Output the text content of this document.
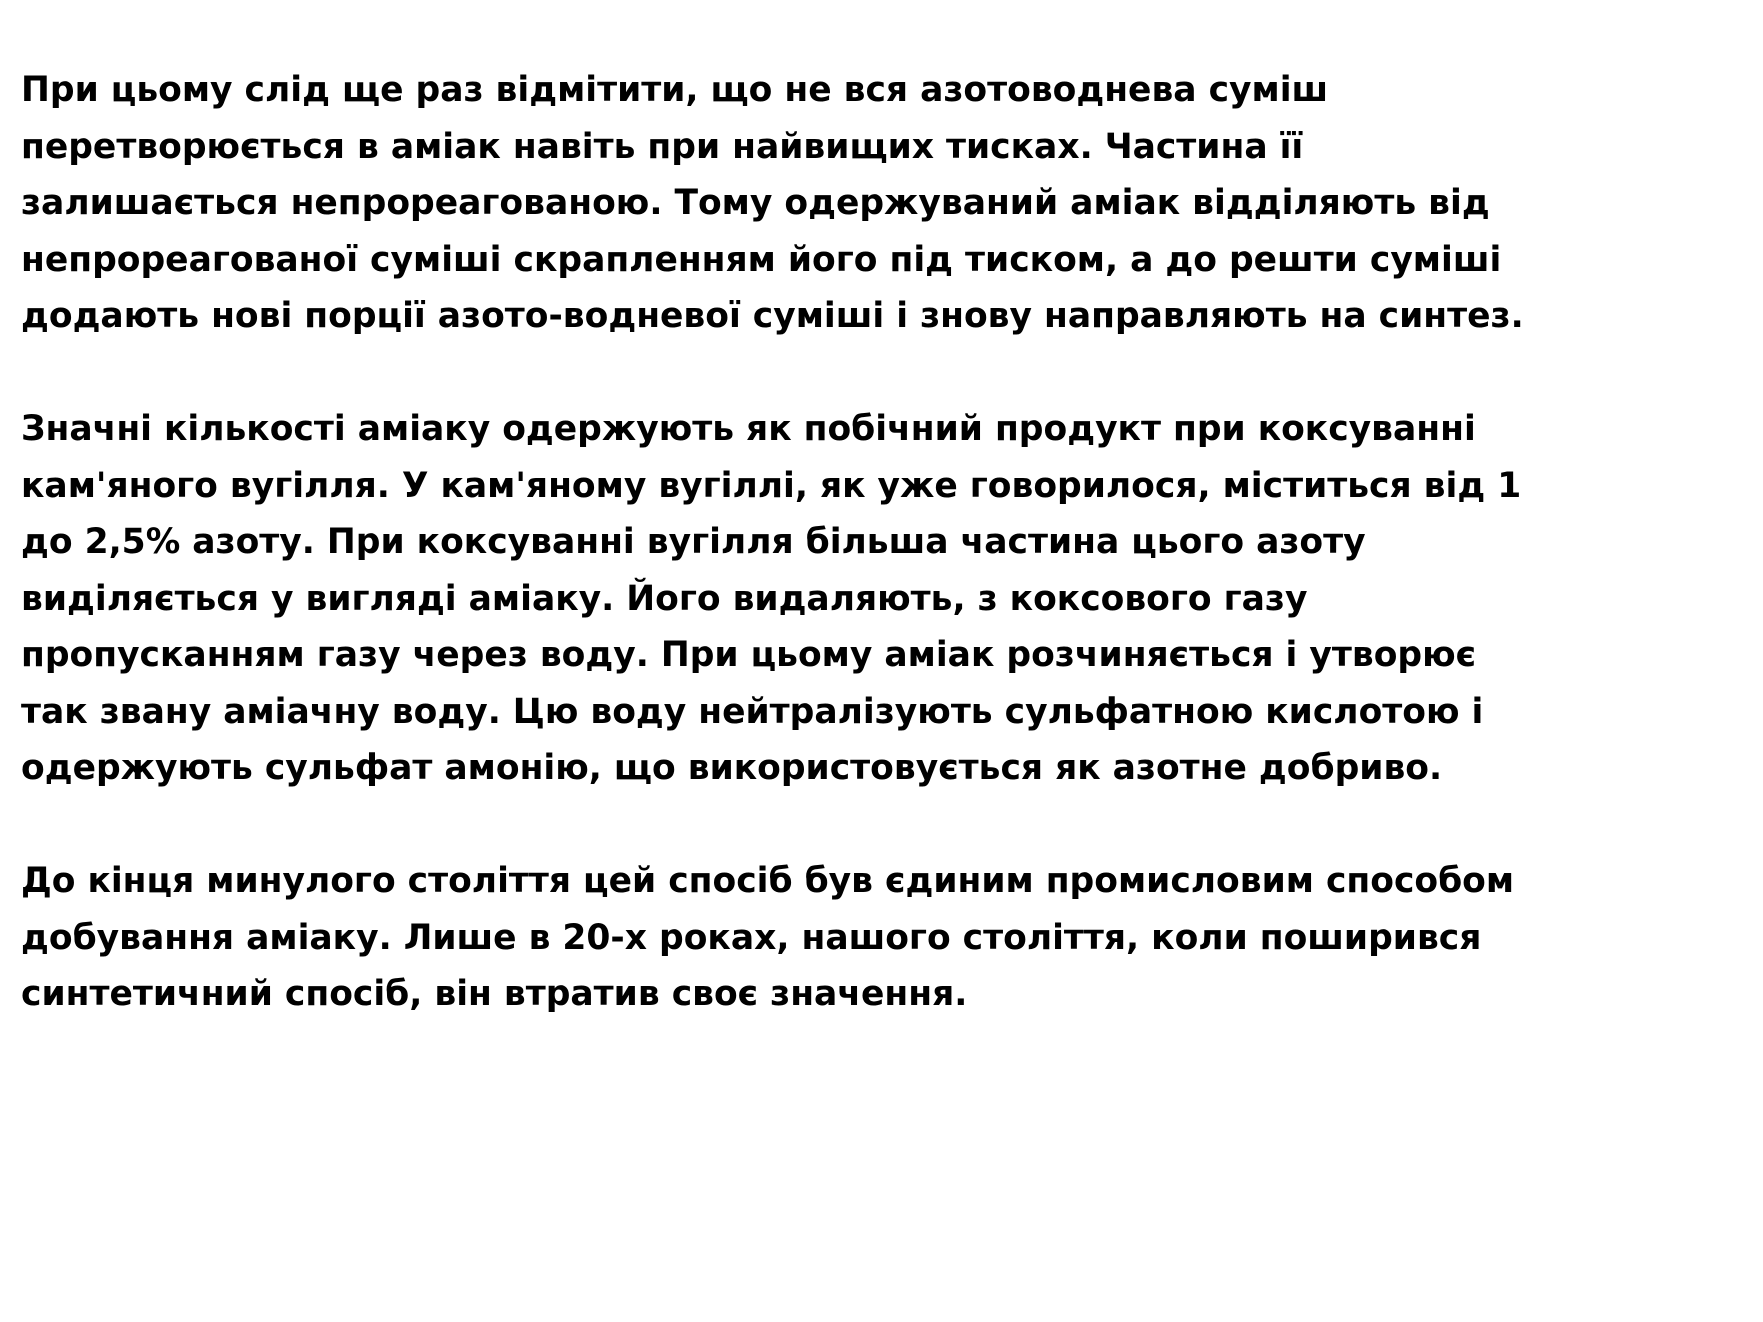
При цьому слід ще раз відмітити, що не вся азотоводнева суміш
перетворюється в аміак навіть при найвищих тисках. Частина її
залишається непрореагованою. Тому одержуваний аміак відділяють від
непрореагованої суміші скрапленням його під тиском, а до решти суміші
додають нові порції азото-водневої суміші і знову направляють на синтез.
Значні кількості аміаку одержують як побічний продукт при коксуванні
кам'яного вугілля. У кам'яному вугіллі, як уже говорилося, міститься від 1
до 2,5% азоту. При коксуванні вугілля більша частина цього азоту
виділяється у вигляді аміаку. Його видаляють, з коксового газу
пропусканням газу через воду. При цьому аміак розчиняється і утворює
так звану аміачну воду. Цю воду нейтралізують сульфатною кислотою і
одержують сульфат амонію, що використовується як азотне добриво.
До кінця минулого століття цей спосіб був єдиним промисловим способом
добування аміаку. Лише в 20-х роках, нашого століття, коли поширився
синтетичний спосіб, він втратив своє значення.
